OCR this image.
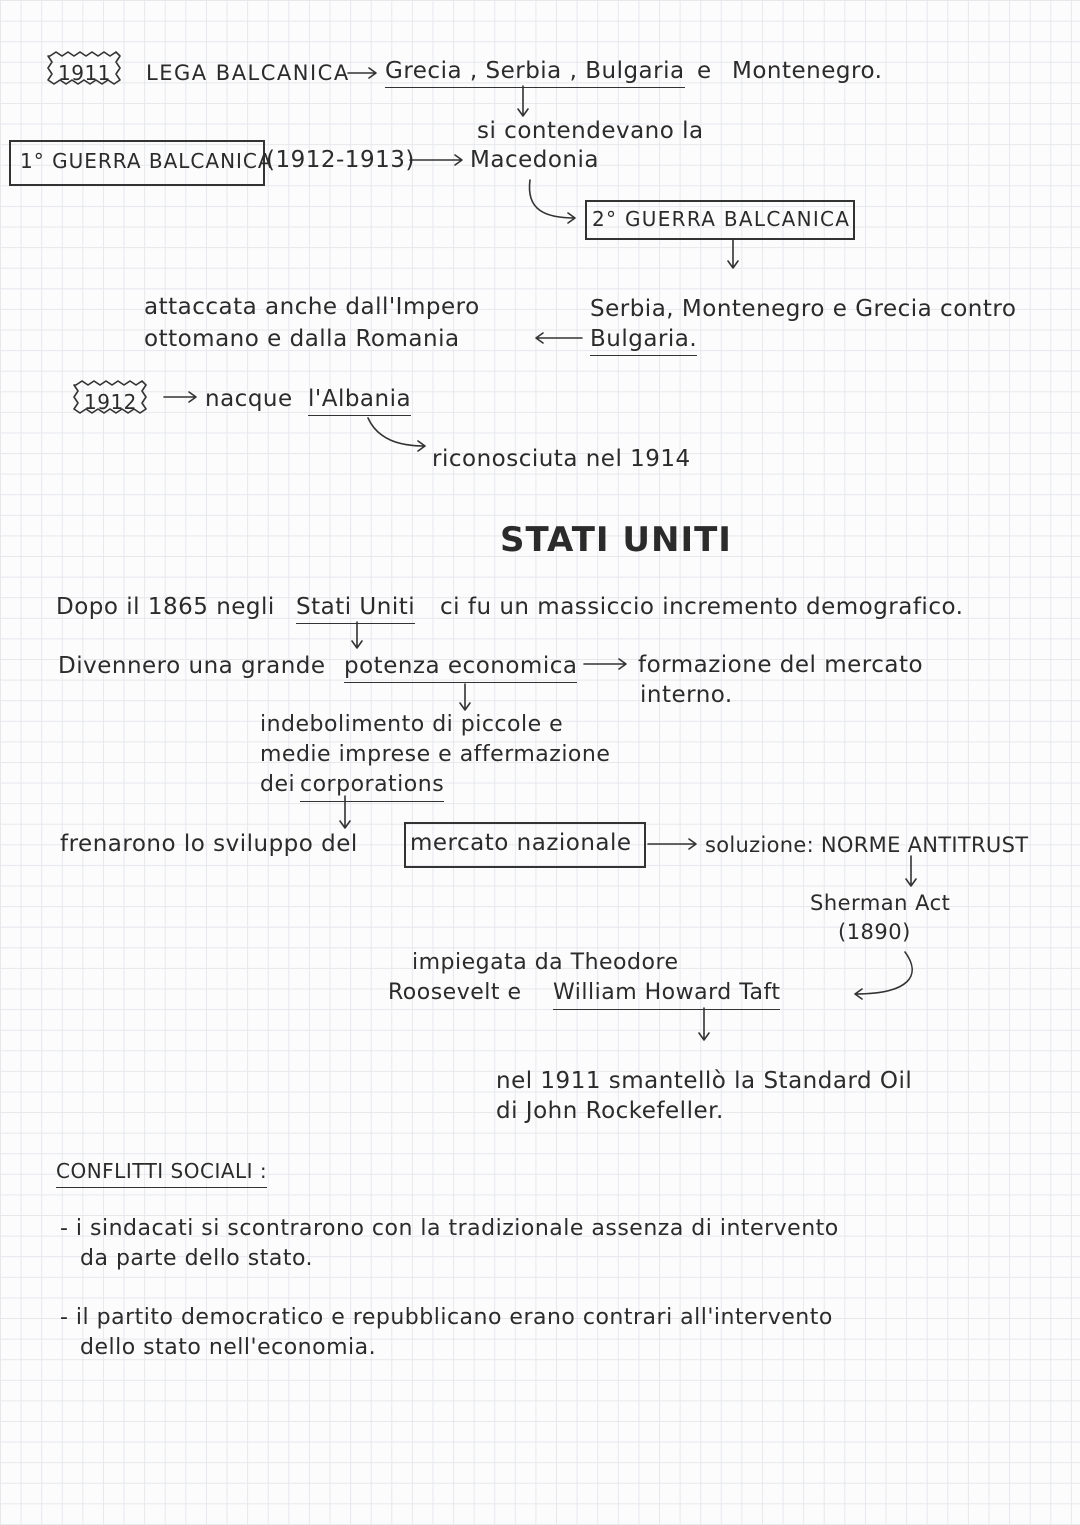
1911 LEGA BALCANICA Grecia , Serbia , Bulgaria e Montenegro.
si contendevano la
Macedonia
1° GUERRA BALCANICA
(1912-1913)
2° GUERRA BALCANICA
Serbia, Montenegro e Grecia contro
Bulgaria.
attaccata anche dall'Impero
ottomano e dalla Romania
1912	nacque l'Albania
riconosciuta nel 1914
STATI UNITI
Dopo il 1865 negli Stati Uniti ci fu un massiccio incremento demografico.
Divennero una grande potenza economica	formazione del mercato
interno.
indebolimento di piccole e
medie imprese e affermazione
dei corporations
frenarono lo sviluppo del mercato nazionale	soluzione: NORME ANTITRUST
Sherman Act
(1890)
impiegata da Theodore
Roosevelt e William Howard Taft
nel 1911 smantellò la Standard Oil
di John Rockefeller.
CONFLITTI SOCIALI :
- i sindacati si scontrarono con la tradizionale assenza di intervento
da parte dello stato.
- il partito democratico e repubblicano erano contrari all'intervento
dello stato nell'economia.
